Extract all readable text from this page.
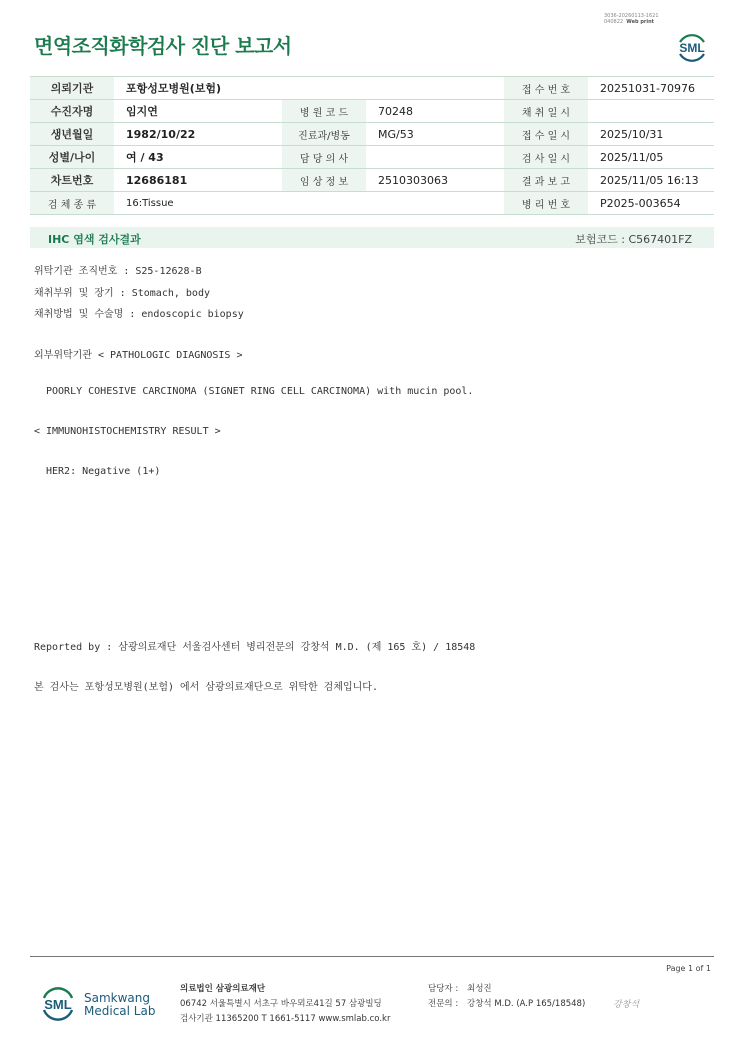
3036-20260113-1621
040822 Web print
면역조직화학검사 진단 보고서	SML
의뢰기관	포항성모병원(보험)			접 수 번 호	20251031-70976
수진자명	임지연	병 원 코 드	70248	채 취 일 시	
생년월일	1982/10/22	진료과/병동	MG/53	접 수 일 시	2025/10/31
성별/나이	여 / 43	담 당 의 사		검 사 일 시	2025/11/05
차트번호	12686181	임 상 정 보	2510303063	결 과 보 고	2025/11/05 16:13
검 체 종 류	16:Tissue			병 리 번 호	P2025-003654
IHC 염색 검사결과	보험코드 : C567401FZ
위탁기관 조직번호 : S25-12628-B
채취부위 및 장기 : Stomach, body
채취방법 및 수술명 : endoscopic biopsy
외부위탁기관 < PATHOLOGIC DIAGNOSIS >
POORLY COHESIVE CARCINOMA (SIGNET RING CELL CARCINOMA) with mucin pool.
< IMMUNOHISTOCHEMISTRY RESULT >
HER2: Negative (1+)
Reported by : 삼광의료재단 서울검사센터 병리전문의 강창석 M.D. (제 165 호) / 18548
본 검사는 포항성모병원(보험) 에서 삼광의료재단으로 위탁한 검체입니다.
Page 1 of 1
SML Samkwang
Medical Lab
의료법인 삼광의료재단
06742 서울특별시 서초구 바우뫼로41길 57 삼광빌딩
검사기관 11365200 T 1661-5117 www.smlab.co.kr
담당자 : 최성진
전문의 : 강창석 M.D. (A.P 165/18548)	강창석
